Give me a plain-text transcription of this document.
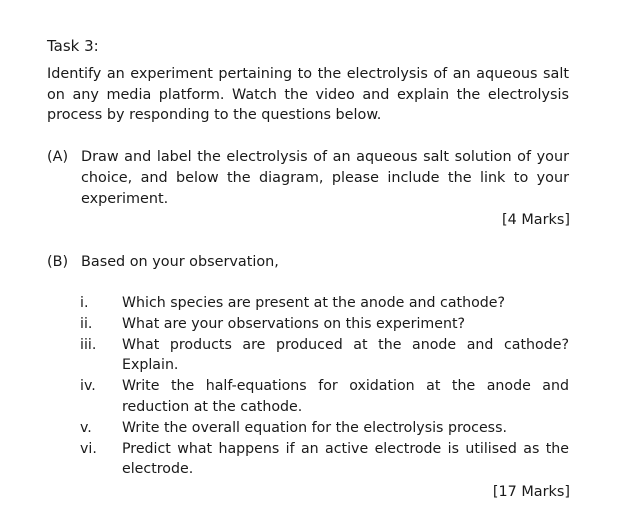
Task 3:
Identify an experiment pertaining to the electrolysis of an aqueous salt on any media platform. Watch the video and explain the electrolysis process by responding to the questions below.
(A) Draw and label the electrolysis of an aqueous salt solution of your choice, and below the diagram, please include the link to your experiment.
[4 Marks]
(B) Based on your observation,
i.	Which species are present at the anode and cathode?
ii.	What are your observations on this experiment?
iii.	What products are produced at the anode and cathode? Explain.
iv.	Write the half-equations for oxidation at the anode and reduction at the cathode.
v.	Write the overall equation for the electrolysis process.
vi.	Predict what happens if an active electrode is utilised as the electrode.
[17 Marks]
